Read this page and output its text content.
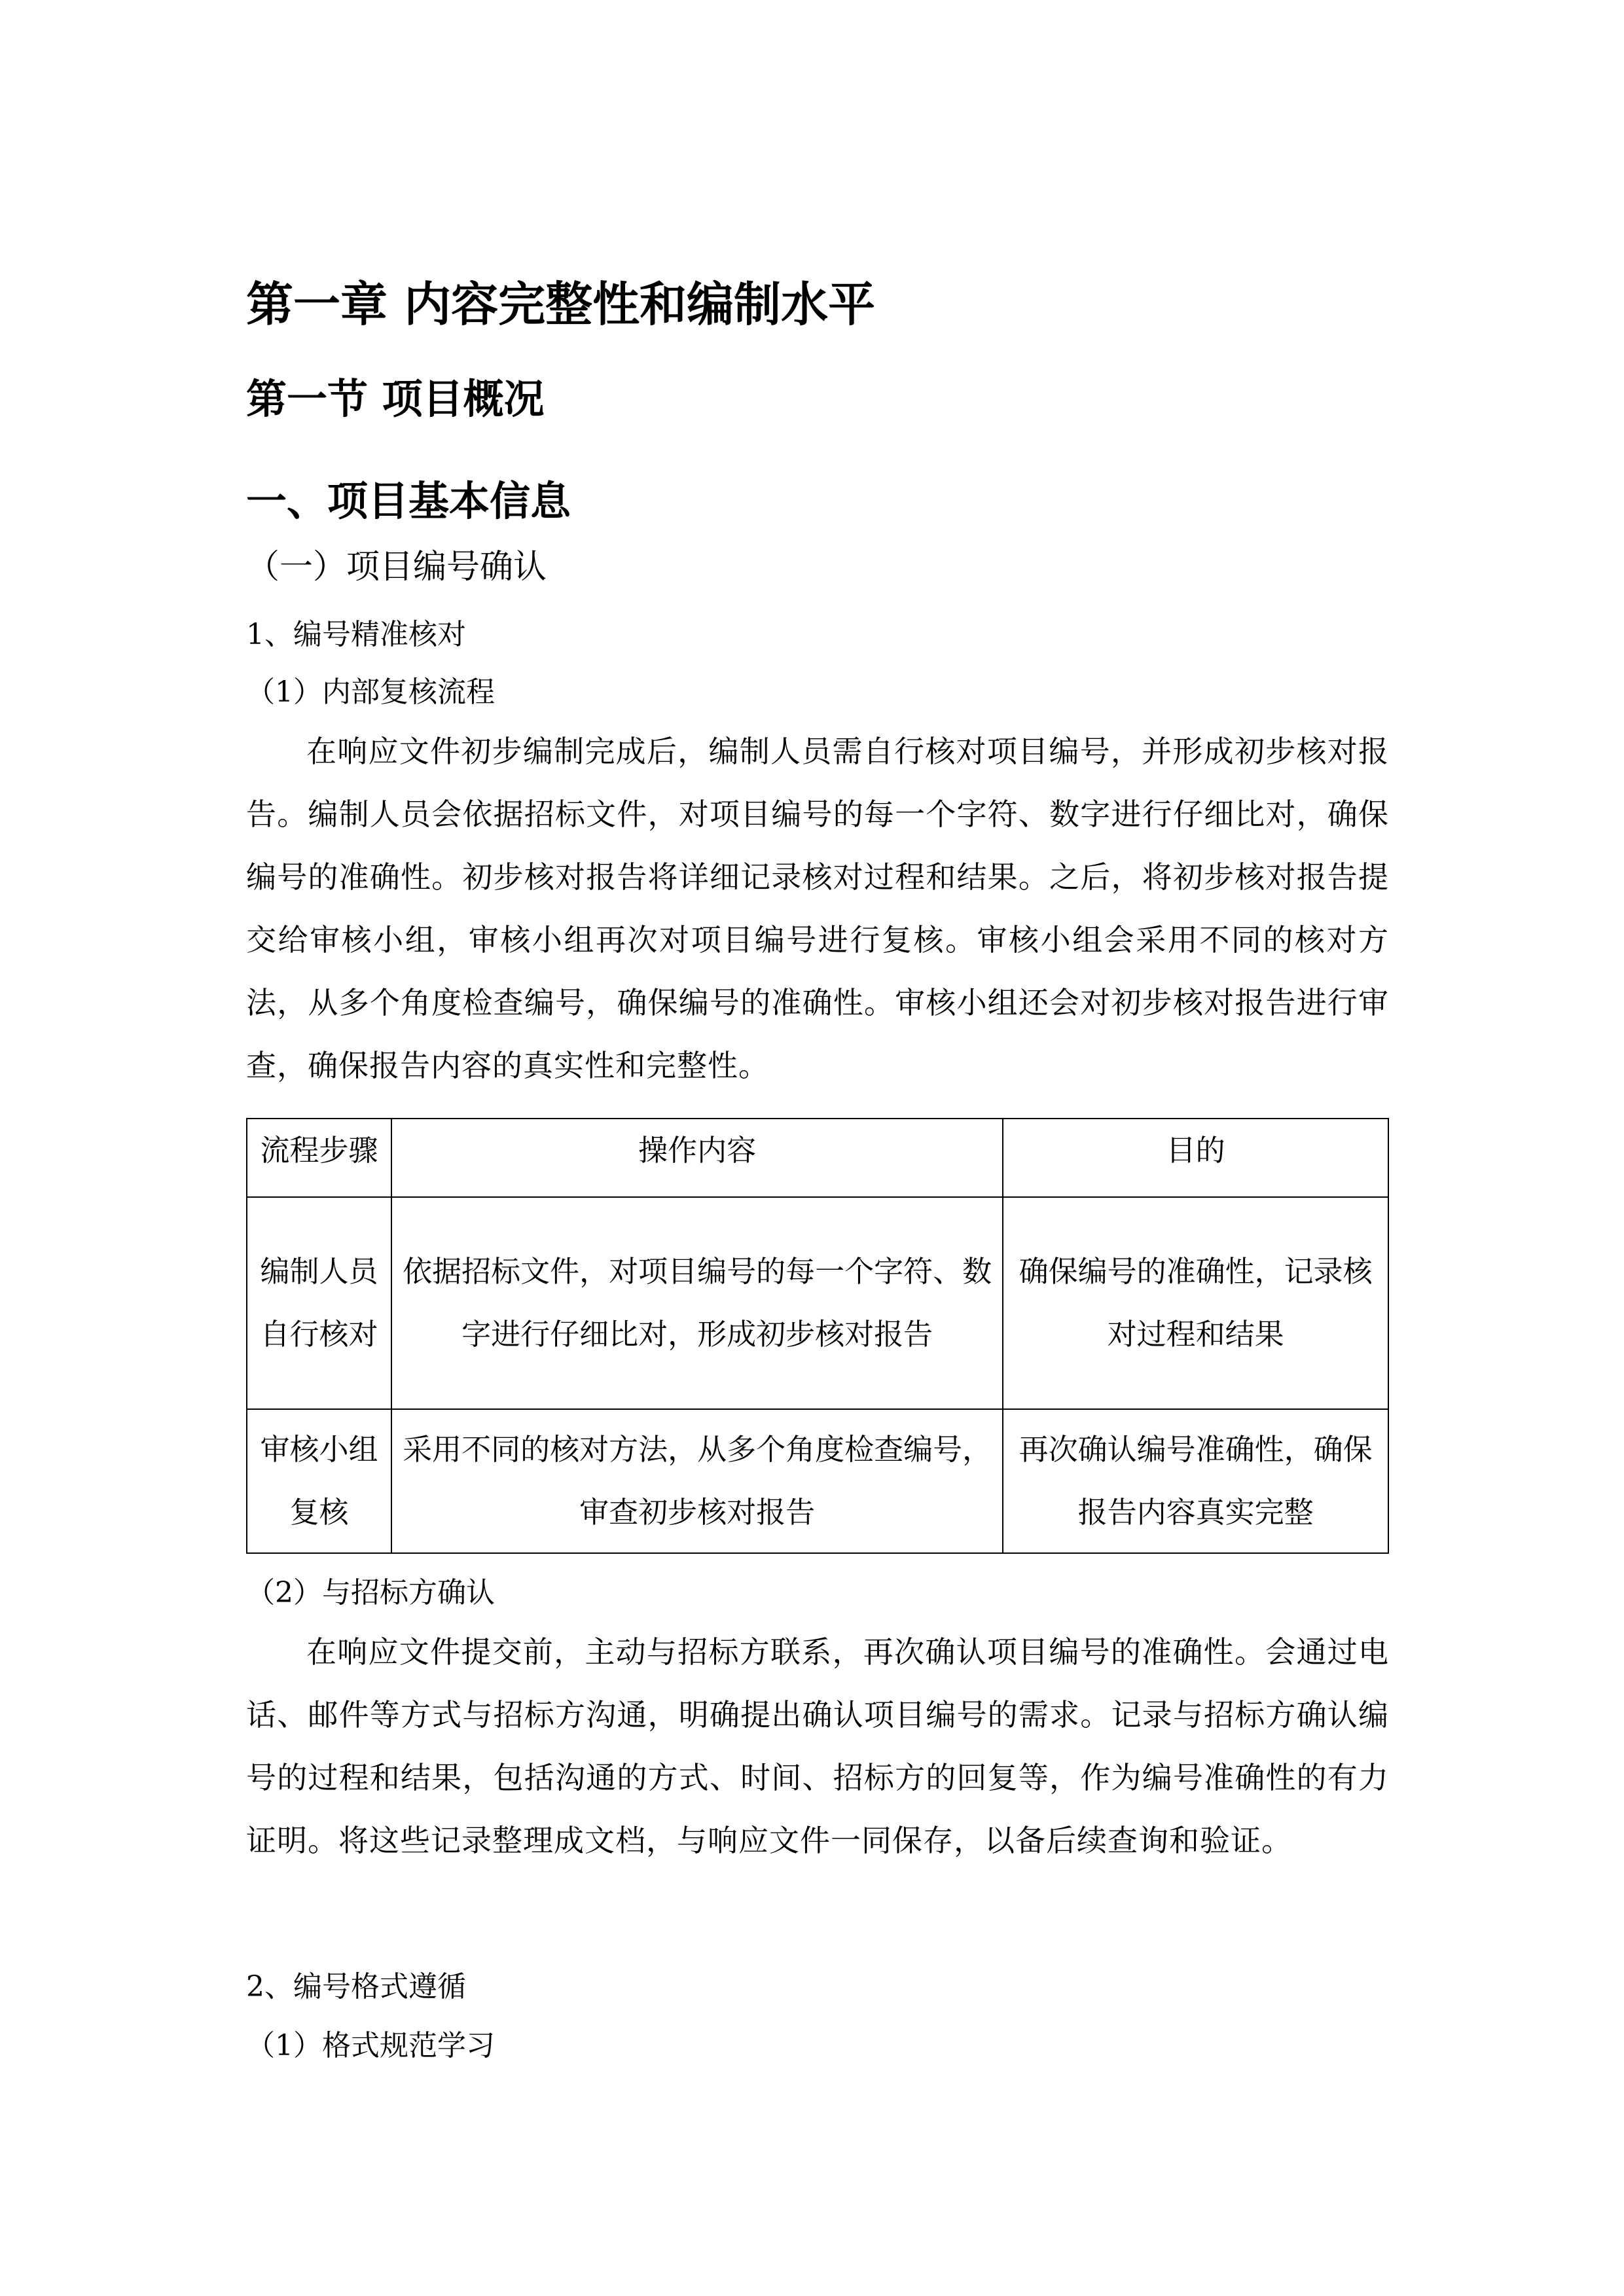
第一章 内容完整性和编制水平
第一节 项目概况
一、项目基本信息
（一）项目编号确认
1、编号精准核对
（1）内部复核流程

在响应文件初步编制完成后，编制人员需自行核对项目编号，并形成初步核对报告。编制人员会依据招标文件，对项目编号的每一个字符、数字进行仔细比对，确保编号的准确性。初步核对报告将详细记录核对过程和结果。之后，将初步核对报告提交给审核小组，审核小组再次对项目编号进行复核。审核小组会采用不同的核对方法，从多个角度检查编号，确保编号的准确性。审核小组还会对初步核对报告进行审查，确保报告内容的真实性和完整性。

流程步骤	操作内容	目的
编制人员自行核对	依据招标文件，对项目编号的每一个字符、数字进行仔细比对，形成初步核对报告	确保编号的准确性，记录核对过程和结果
审核小组复核	采用不同的核对方法，从多个角度检查编号，审查初步核对报告	再次确认编号准确性，确保报告内容真实完整
（2）与招标方确认

在响应文件提交前，主动与招标方联系，再次确认项目编号的准确性。会通过电话、邮件等方式与招标方沟通，明确提出确认项目编号的需求。记录与招标方确认编号的过程和结果，包括沟通的方式、时间、招标方的回复等，作为编号准确性的有力证明。将这些记录整理成文档，与响应文件一同保存，以备后续查询和验证。

2、编号格式遵循
（1）格式规范学习
